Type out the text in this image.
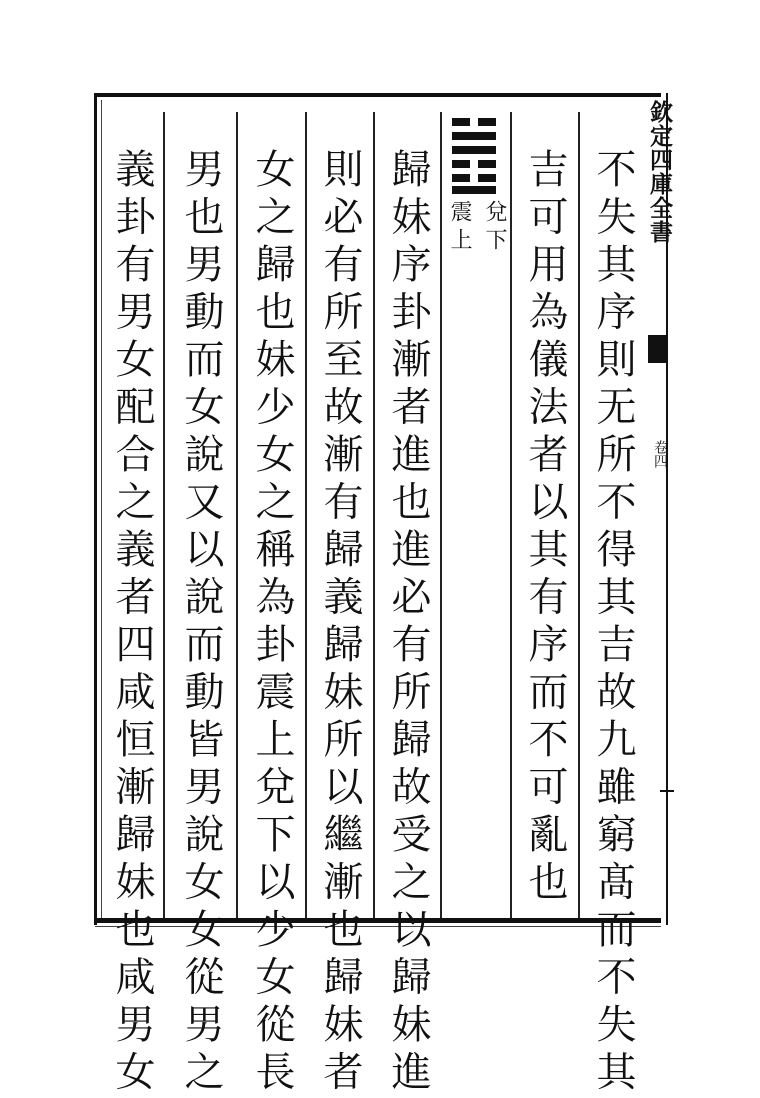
欽定四庫全書
卷四
不失其序則无所不得其吉故九雖窮髙而不失其
吉可用為儀法者以其有序而不可亂也
兌下
震上
歸妹序卦漸者進也進必有所歸故受之以歸妹進
則必有所至故漸有歸義歸妹所以繼漸也歸妹者
女之歸也妹少女之稱為卦震上兌下以少女從長
男也男動而女說又以說而動皆男說女女從男之
義卦有男女配合之義者四咸恒漸歸妹也咸男女
